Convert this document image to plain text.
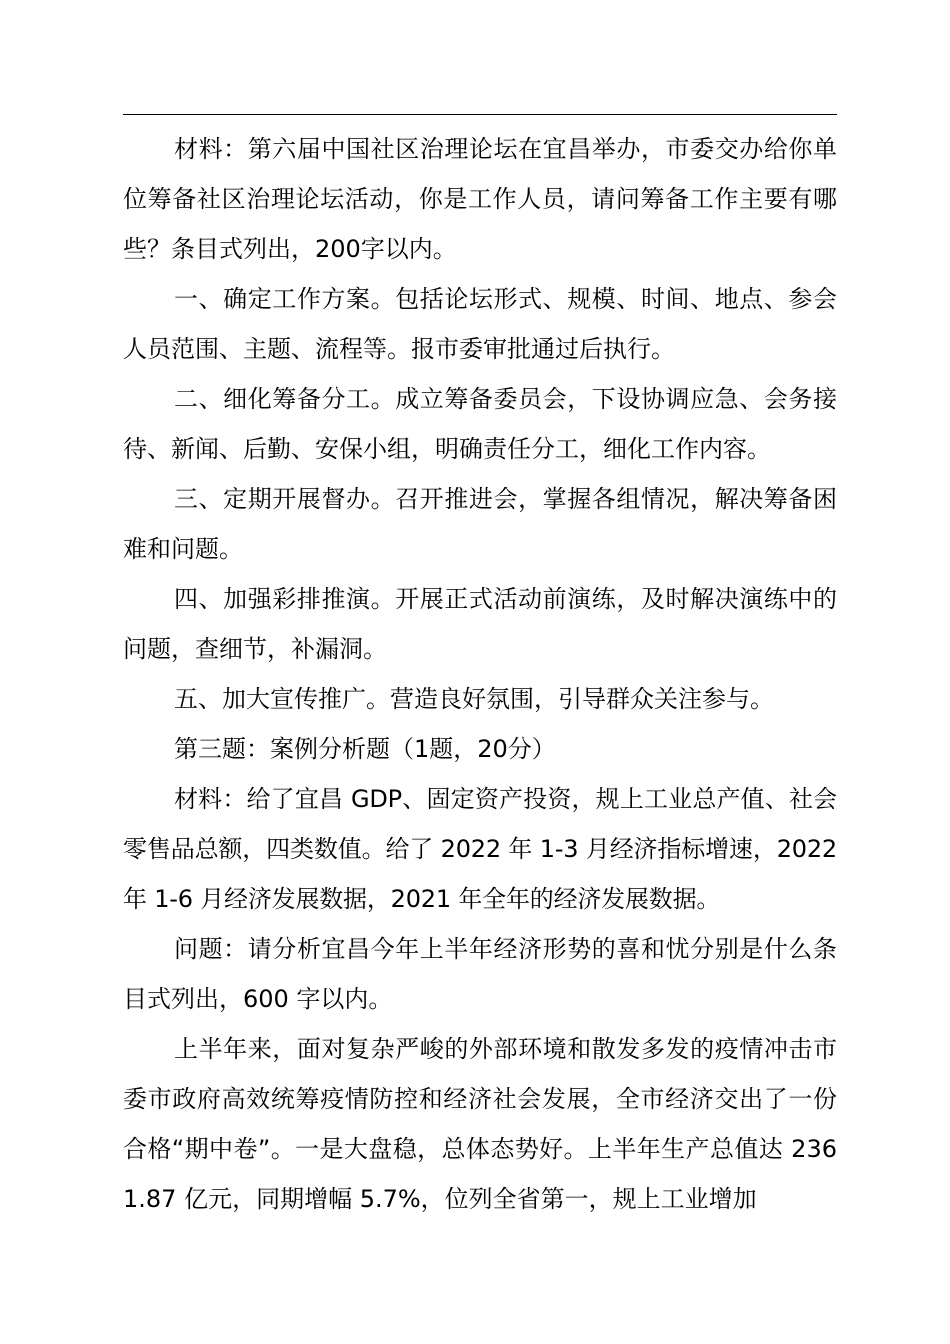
材料：第六届中国社区治理论坛在宜昌举办，市委交办给你单位筹备社区治理论坛活动，你是工作人员，请问筹备工作主要有哪些？条目式列出，200字以内。

一、确定工作方案。包括论坛形式、规模、时间、地点、参会人员范围、主题、流程等。报市委审批通过后执行。

二、细化筹备分工。成立筹备委员会，下设协调应急、会务接待、新闻、后勤、安保小组，明确责任分工，细化工作内容。

三、定期开展督办。召开推进会，掌握各组情况，解决筹备困难和问题。

四、加强彩排推演。开展正式活动前演练，及时解决演练中的问题，查细节，补漏洞。

五、加大宣传推广。营造良好氛围，引导群众关注参与。

第三题：案例分析题（1题，20分）

材料：给了宜昌 GDP、固定资产投资，规上工业总产值、社会零售品总额，四类数值。给了 2022 年 1-3 月经济指标增速，2022 年 1-6 月经济发展数据，2021 年全年的经济发展数据。

问题：请分析宜昌今年上半年经济形势的喜和忧分别是什么条目式列出，600 字以内。

上半年来，面对复杂严峻的外部环境和散发多发的疫情冲击市委市政府高效统筹疫情防控和经济社会发展，全市经济交出了一份合格“期中卷”。一是大盘稳，总体态势好。上半年生产总值达 2361.87 亿元，同期增幅 5.7%，位列全省第一，规上工业增加
